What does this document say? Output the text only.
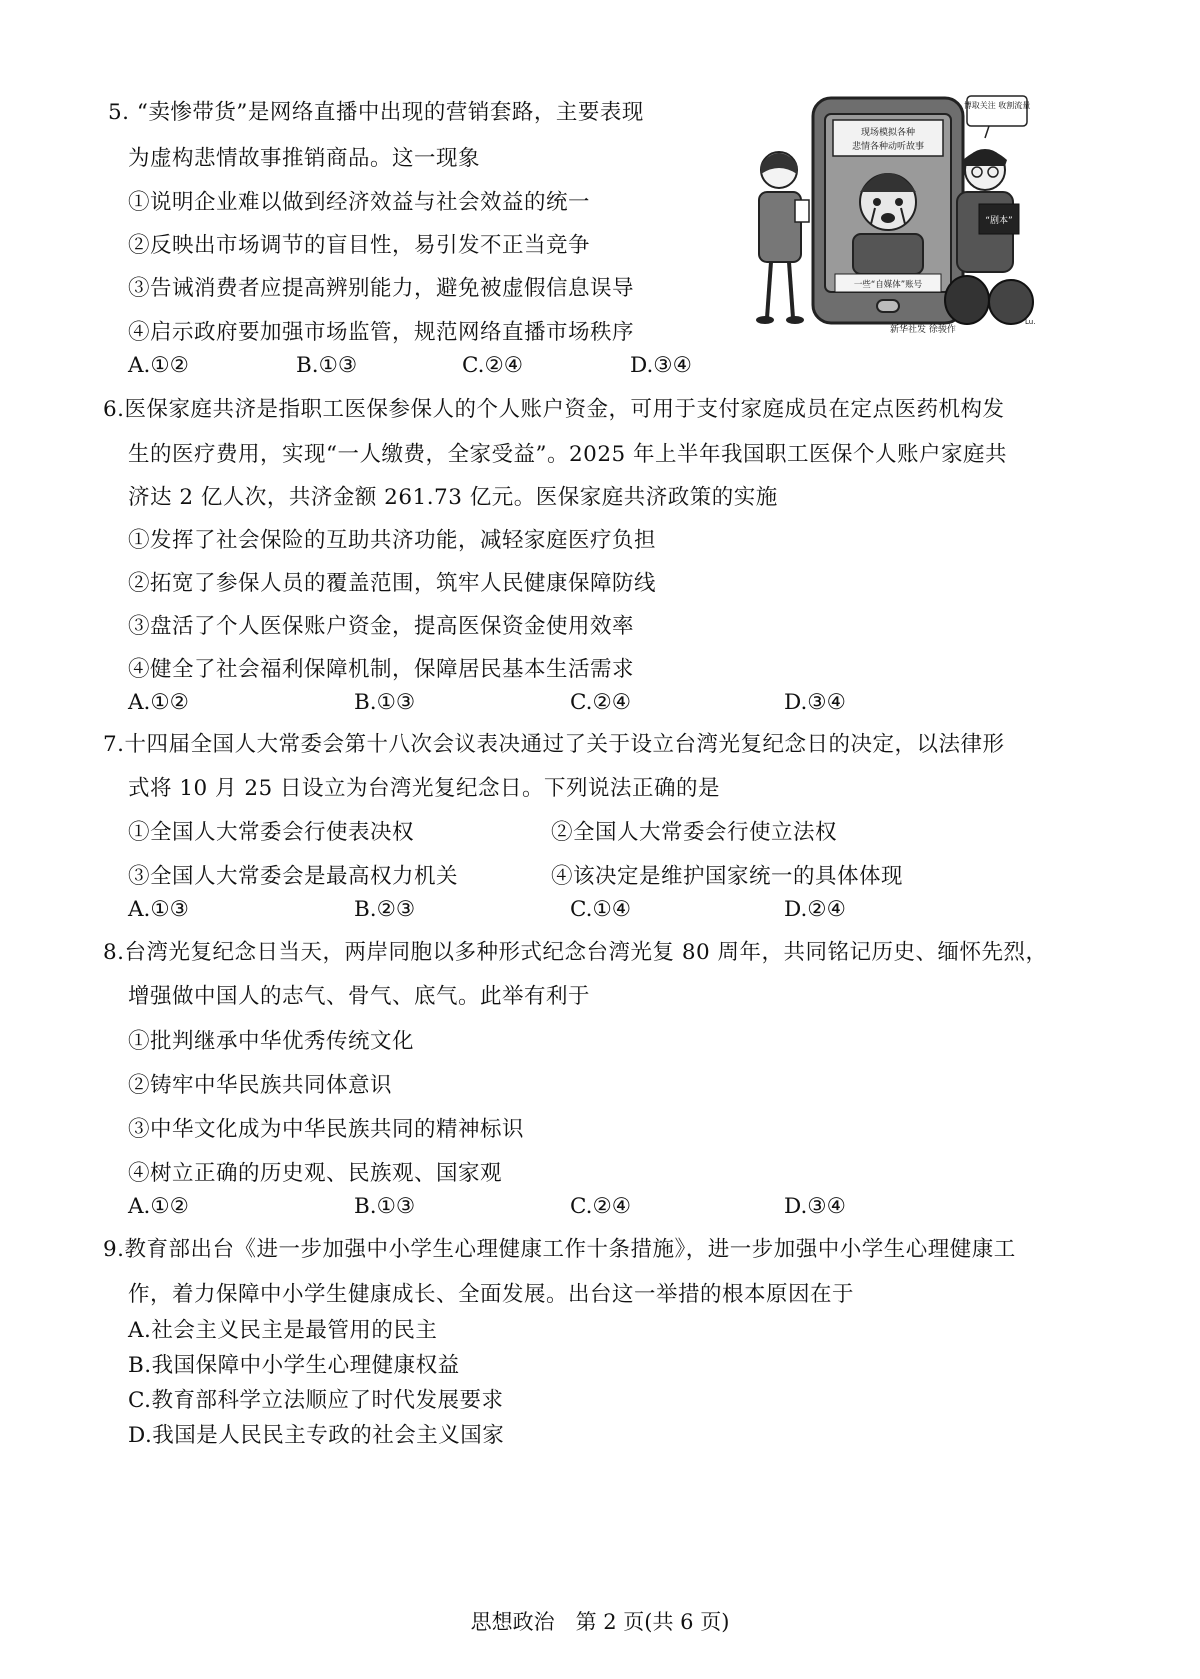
5. “卖惨带货”是网络直播中出现的营销套路，主要表现
为虚构悲情故事推销商品。这一现象
①说明企业难以做到经济效益与社会效益的统一
②反映出市场调节的盲目性，易引发不正当竞争
③告诫消费者应提高辨别能力，避免被虚假信息误导
④启示政府要加强市场监管，规范网络直播市场秩序
A.①②	B.①③	C.②④	D.③④
现场模拟各种
悲情各种动听故事
一些“自媒体”账号
博取关注 收割流量
“剧本”
Lu.
新华社发 徐骏作
6.医保家庭共济是指职工医保参保人的个人账户资金，可用于支付家庭成员在定点医药机构发
生的医疗费用，实现“一人缴费，全家受益”。2025 年上半年我国职工医保个人账户家庭共
济达 2 亿人次，共济金额 261.73 亿元。医保家庭共济政策的实施
①发挥了社会保险的互助共济功能，减轻家庭医疗负担
②拓宽了参保人员的覆盖范围，筑牢人民健康保障防线
③盘活了个人医保账户资金，提高医保资金使用效率
④健全了社会福利保障机制，保障居民基本生活需求
A.①②	B.①③	C.②④	D.③④
7.十四届全国人大常委会第十八次会议表决通过了关于设立台湾光复纪念日的决定，以法律形
式将 10 月 25 日设立为台湾光复纪念日。下列说法正确的是
①全国人大常委会行使表决权	②全国人大常委会行使立法权
③全国人大常委会是最高权力机关	④该决定是维护国家统一的具体体现
A.①③	B.②③	C.①④	D.②④
8.台湾光复纪念日当天，两岸同胞以多种形式纪念台湾光复 80 周年，共同铭记历史、缅怀先烈，
增强做中国人的志气、骨气、底气。此举有利于
①批判继承中华优秀传统文化
②铸牢中华民族共同体意识
③中华文化成为中华民族共同的精神标识
④树立正确的历史观、民族观、国家观
A.①②	B.①③	C.②④	D.③④
9.教育部出台《进一步加强中小学生心理健康工作十条措施》，进一步加强中小学生心理健康工
作，着力保障中小学生健康成长、全面发展。出台这一举措的根本原因在于
A.社会主义民主是最管用的民主
B.我国保障中小学生心理健康权益
C.教育部科学立法顺应了时代发展要求
D.我国是人民民主专政的社会主义国家
思想政治　第 2 页(共 6 页)
